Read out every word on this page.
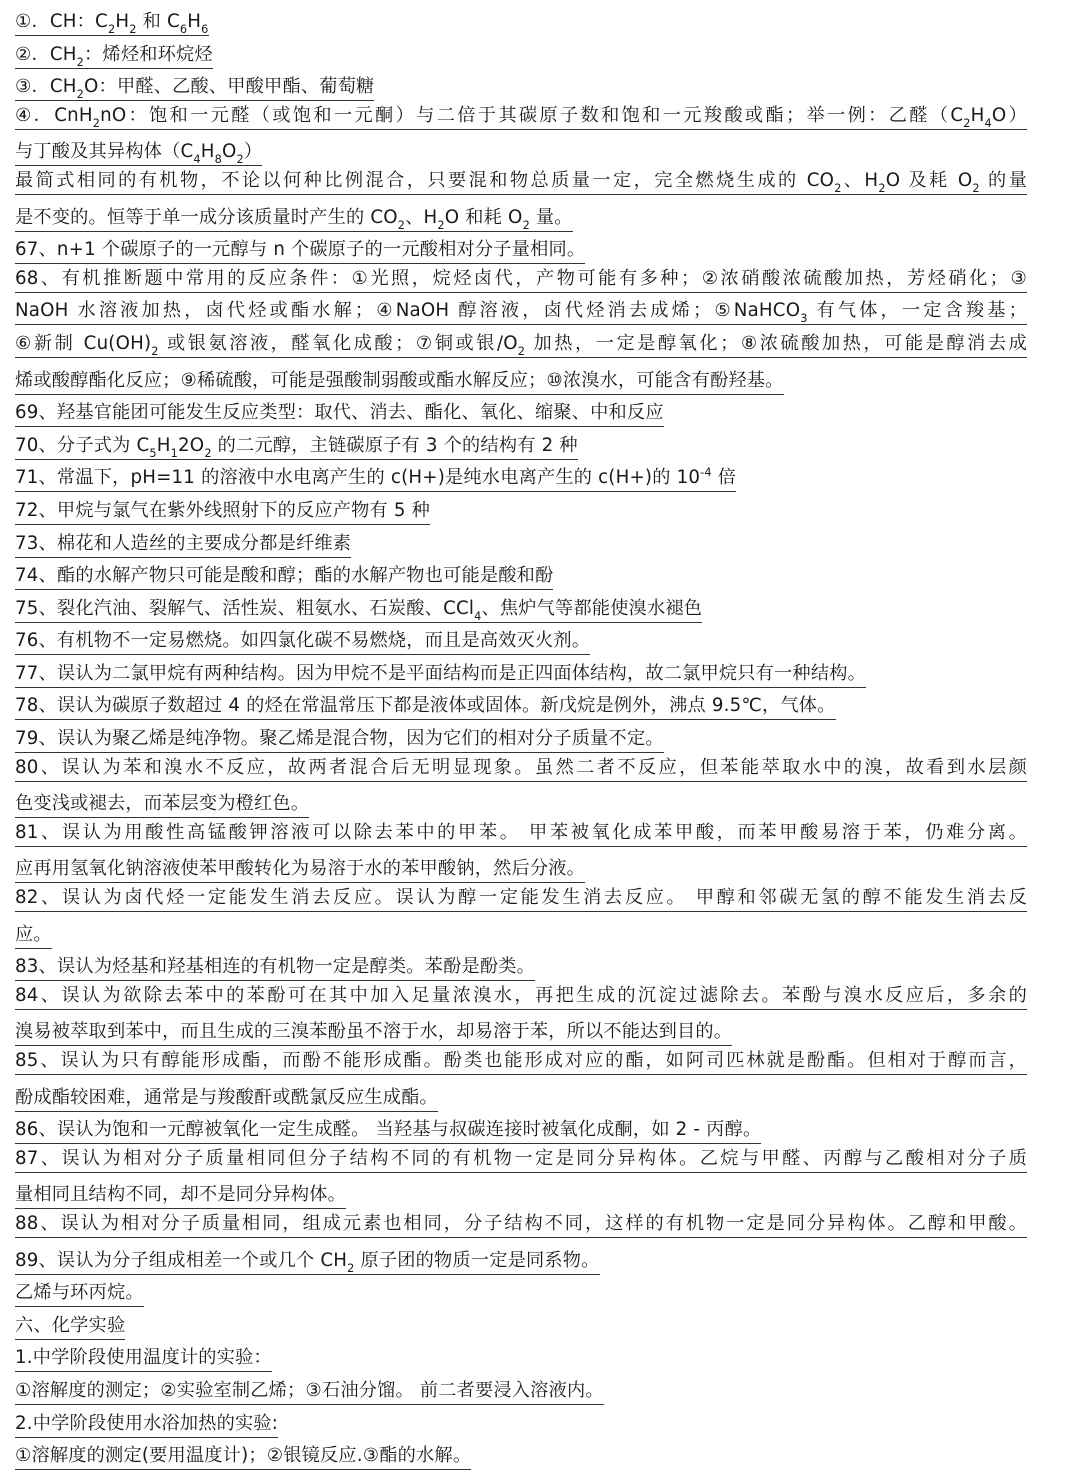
①．CH：$C_2H_2$ 和 $C_6H_6$
②．$CH_2$：烯烃和环烷烃
③．$CH_2O$：甲醛、乙酸、甲酸甲酯、葡萄糖
④．CnH$_2$nO：饱和一元醛（或饱和一元酮）与二倍于其碳原子数和饱和一元羧酸或酯；举一例：乙醛$(C_2H_4O)$
与丁酸及其异构体$(C_4H_8O_2)$
最简式相同的有机物，不论以何种比例混合，只要混和物总质量一定，完全燃烧生成的 $CO_2$、$H_2O$ 及耗 $O_2$ 的量
是不变的。恒等于单一成分该质量时产生的 $CO_2$、$H_2O$ 和耗 $O_2$ 量。
67、n+1 个碳原子的一元醇与 n 个碳原子的一元酸相对分子量相同。
68、有机推断题中常用的反应条件：①光照，烷烃卤代，产物可能有多种；②浓硝酸浓硫酸加热，芳烃硝化；③
NaOH 水溶液加热，卤代烃或酯水解；④NaOH 醇溶液，卤代烃消去成烯；⑤NaHCO$_3$ 有气体，一定含羧基；
⑥新制 $Cu(OH)_2$ 或银氨溶液，醛氧化成酸；⑦铜或银$/O_2$ 加热，一定是醇氧化；⑧浓硫酸加热，可能是醇消去成
烯或酸醇酯化反应；⑨稀硫酸，可能是强酸制弱酸或酯水解反应；⑩浓溴水，可能含有酚羟基。
69、羟基官能团可能发生反应类型：取代、消去、酯化、氧化、缩聚、中和反应
70、分子式为 $C_5H_12O_2$ 的二元醇，主链碳原子有 3 个的结构有 2 种
71、常温下，pH=11 的溶液中水电离产生的 c(H+)是纯水电离产生的 c(H+)的 $10^{-4}$ 倍
72、甲烷与氯气在紫外线照射下的反应产物有 5 种
73、棉花和人造丝的主要成分都是纤维素
74、酯的水解产物只可能是酸和醇；酯的水解产物也可能是酸和酚
75、裂化汽油、裂解气、活性炭、粗氨水、石炭酸、CCl$_4$、焦炉气等都能使溴水褪色
76、有机物不一定易燃烧。如四氯化碳不易燃烧，而且是高效灭火剂。
77、误认为二氯甲烷有两种结构。因为甲烷不是平面结构而是正四面体结构，故二氯甲烷只有一种结构。
78、误认为碳原子数超过 4 的烃在常温常压下都是液体或固体。新戊烷是例外，沸点 9.5℃，气体。
79、误认为聚乙烯是纯净物。聚乙烯是混合物，因为它们的相对分子质量不定。
80、误认为苯和溴水不反应，故两者混合后无明显现象。虽然二者不反应，但苯能萃取水中的溴，故看到水层颜
色变浅或褪去，而苯层变为橙红色。
81、误认为用酸性高锰酸钾溶液可以除去苯中的甲苯。 甲苯被氧化成苯甲酸，而苯甲酸易溶于苯，仍难分离。
应再用氢氧化钠溶液使苯甲酸转化为易溶于水的苯甲酸钠，然后分液。
82、误认为卤代烃一定能发生消去反应。误认为醇一定能发生消去反应。 甲醇和邻碳无氢的醇不能发生消去反
应。
83、误认为烃基和羟基相连的有机物一定是醇类。苯酚是酚类。
84、误认为欲除去苯中的苯酚可在其中加入足量浓溴水，再把生成的沉淀过滤除去。苯酚与溴水反应后，多余的
溴易被萃取到苯中，而且生成的三溴苯酚虽不溶于水，却易溶于苯，所以不能达到目的。
85、误认为只有醇能形成酯，而酚不能形成酯。酚类也能形成对应的酯，如阿司匹林就是酚酯。但相对于醇而言，
酚成酯较困难，通常是与羧酸酐或酰氯反应生成酯。
86、误认为饱和一元醇被氧化一定生成醛。 当羟基与叔碳连接时被氧化成酮，如 2 - 丙醇。
87、误认为相对分子质量相同但分子结构不同的有机物一定是同分异构体。乙烷与甲醛、丙醇与乙酸相对分子质
量相同且结构不同，却不是同分异构体。
88、误认为相对分子质量相同，组成元素也相同，分子结构不同，这样的有机物一定是同分异构体。乙醇和甲酸。
89、误认为分子组成相差一个或几个 $CH_2$ 原子团的物质一定是同系物。
乙烯与环丙烷。
六、化学实验
1.中学阶段使用温度计的实验：
①溶解度的测定；②实验室制乙烯；③石油分馏。 前二者要浸入溶液内。
2.中学阶段使用水浴加热的实验:
①溶解度的测定(要用温度计)；②银镜反应.③酯的水解。
